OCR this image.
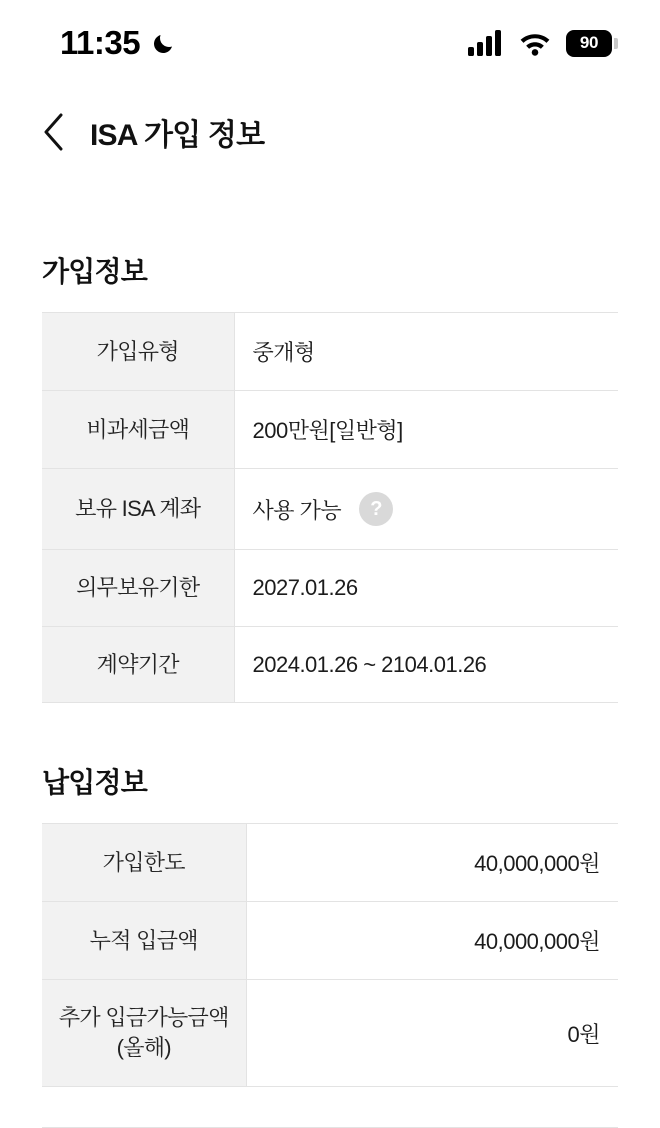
11:35	90
ISA 가입 정보
가입정보
가입유형	중개형
비과세금액	200만원[일반형]
보유 ISA 계좌	사용 가능 ?

의무보유기한	2027.01.26
계약기간	2024.01.26 ~ 2104.01.26
납입정보
가입한도	40,000,000원
누적 입금액	40,000,000원
추가 입금가능금액
(올해)	0원
